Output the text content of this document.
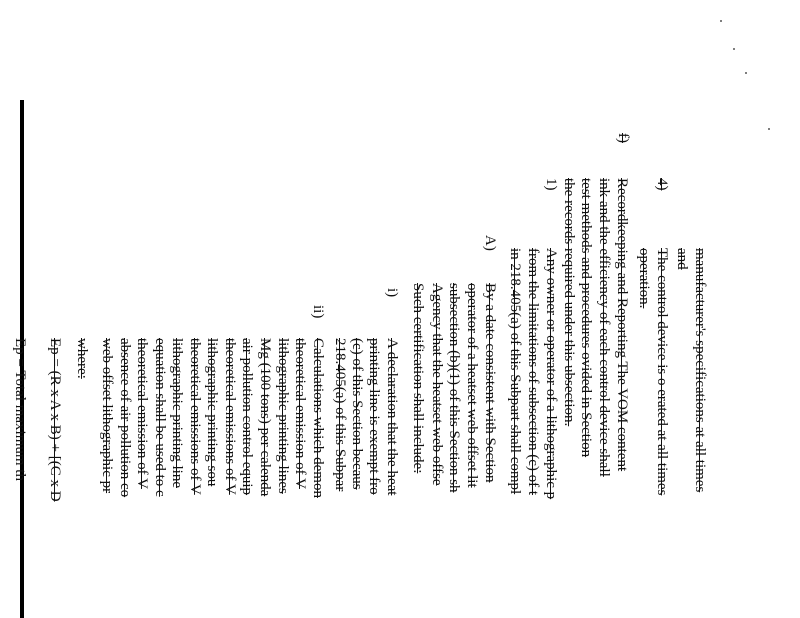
manufacturer's specifications at all times
and
4)
The control device is o erated at all times
operation.
f)
Recordkeeping and Reporting The VOM content
ink and the efficiency of each control device shall
test methods and procedures ovided in Section
the records required under this ubsection.
1)
Any owner or operator of a lithographic p
from the limitations of subsection (c) of t
in 218.405(a) of this Subpart shall compl
A)
By a date consistent with Section
operator of a heatset web offset lit
subsection (b)(1) of this Section sh
Agency that the heatset web offse
Such certification shall include:
i)
A declaration that the heat
printing line is exempt fro
(c) of this Section becaus
218.405(a) of this Subpar
ii)
Calculations which demon
theoretical emission of V
lithographic printing lines
Mg (100 tons) per calenda
air pollution control equip
theoretical emissions of V
lithographic printing sou
theoretical emissions of V
lithographic printing line
equation shall be used to c
theoretical emission of V
absence of air pollution co
web offset lithographic pr
where:
Ep = (R x A x B) + [(C x D
Ep = Total maximum th
